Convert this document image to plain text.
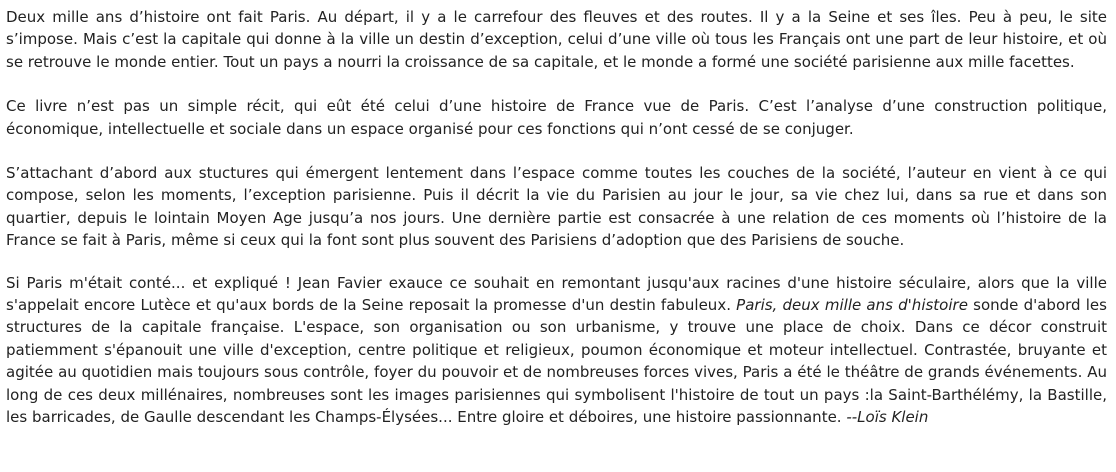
Deux mille ans d’histoire ont fait Paris. Au départ, il y a le carrefour des fleuves et des routes. Il y a la Seine et ses îles. Peu à peu, le site s’impose. Mais c’est la capitale qui donne à la ville un destin d’exception, celui d’une ville où tous les Français ont une part de leur histoire, et où se retrouve le monde entier. Tout un pays a nourri la croissance de sa capitale, et le monde a formé une société parisienne aux mille facettes.

Ce livre n’est pas un simple récit, qui eût été celui d’une histoire de France vue de Paris. C’est l’analyse d’une construction politique, économique, intellectuelle et sociale dans un espace organisé pour ces fonctions qui n’ont cessé de se conjuger.

S’attachant d’abord aux stuctures qui émergent lentement dans l’espace comme toutes les couches de la société, l’auteur en vient à ce qui compose, selon les moments, l’exception parisienne. Puis il décrit la vie du Parisien au jour le jour, sa vie chez lui, dans sa rue et dans son quartier, depuis le lointain Moyen Age jusqu’a nos jours. Une dernière partie est consacrée à une relation de ces moments où l’histoire de la France se fait à Paris, même si ceux qui la font sont plus souvent des Parisiens d’adoption que des Parisiens de souche.

Si Paris m'était conté... et expliqué ! Jean Favier exauce ce souhait en remontant jusqu'aux racines d'une histoire séculaire, alors que la ville s'appelait encore Lutèce et qu'aux bords de la Seine reposait la promesse d'un destin fabuleux. Paris, deux mille ans d'histoire sonde d'abord les structures de la capitale française. L'espace, son organisation ou son urbanisme, y trouve une place de choix. Dans ce décor construit patiemment s'épanouit une ville d'exception, centre politique et religieux, poumon économique et moteur intellectuel. Contrastée, bruyante et agitée au quotidien mais toujours sous contrôle, foyer du pouvoir et de nombreuses forces vives, Paris a été le théâtre de grands événements. Au long de ces deux millénaires, nombreuses sont les images parisiennes qui symbolisent l'histoire de tout un pays :la Saint-Barthélémy, la Bastille, les barricades, de Gaulle descendant les Champs-Élysées... Entre gloire et déboires, une histoire passionnante. --Loïs Klein
